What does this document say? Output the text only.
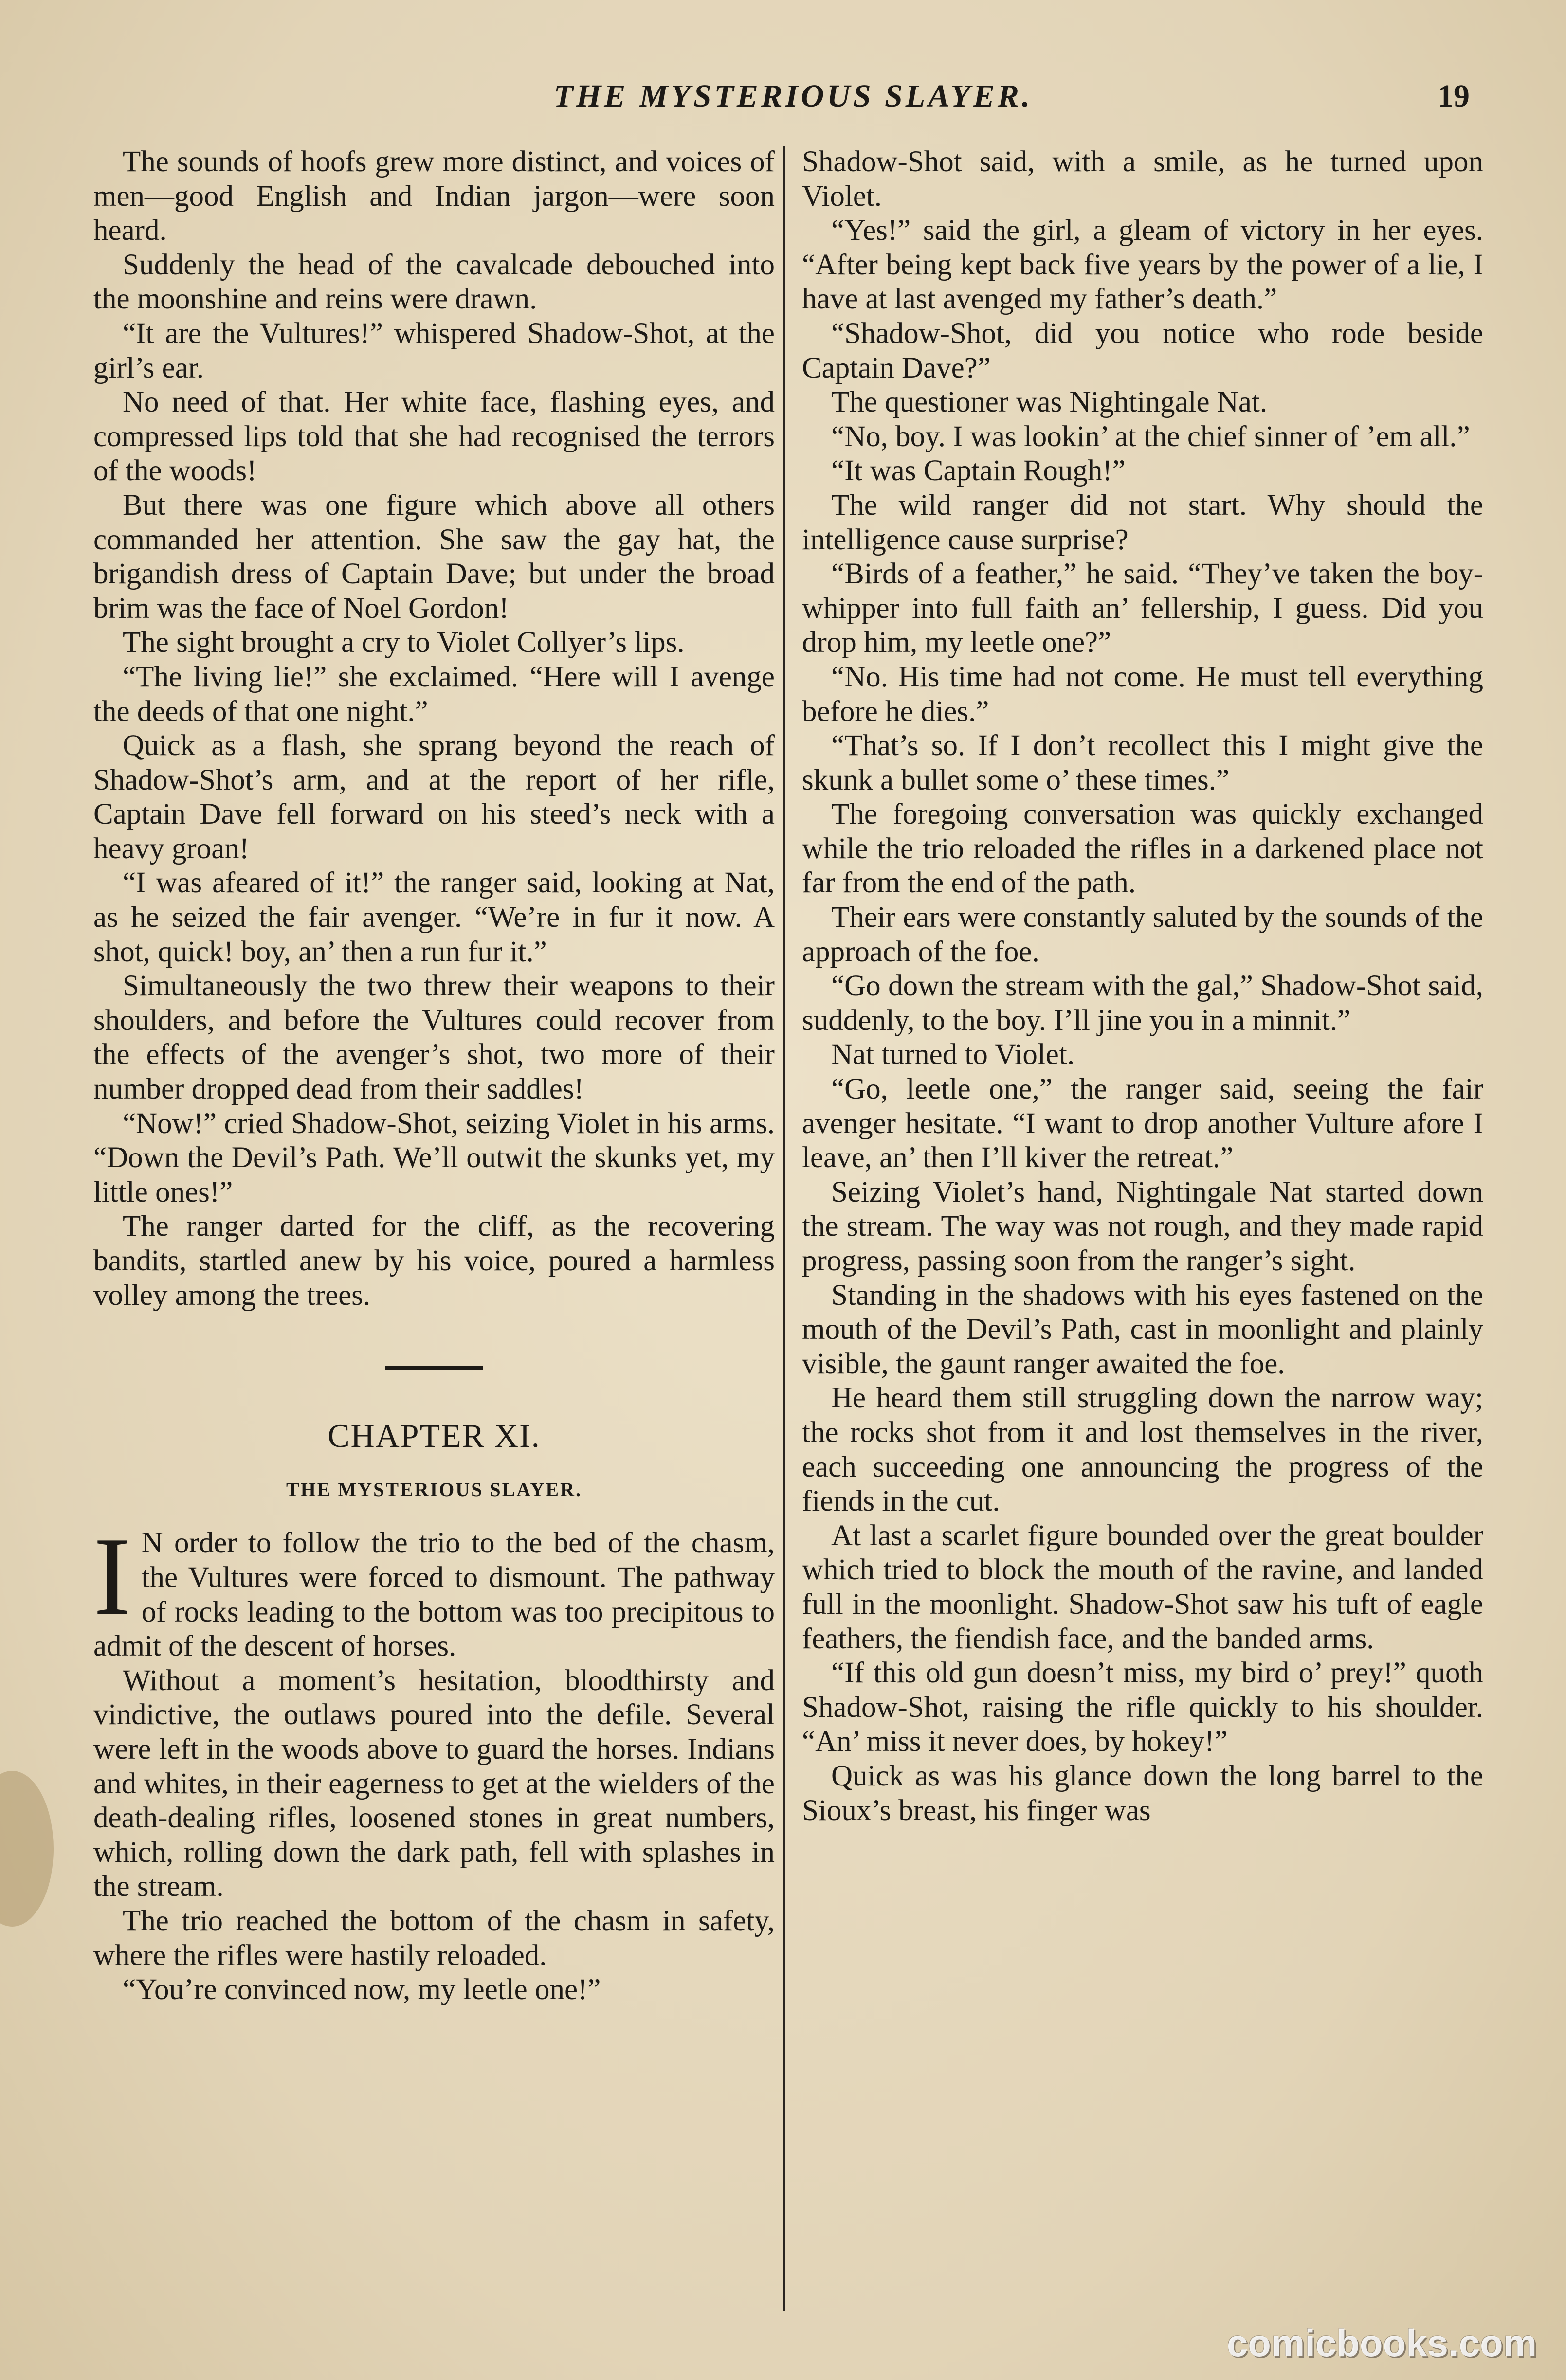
THE MYSTERIOUS SLAYER.	19

The sounds of hoofs grew more distinct, and voices of men—good English and Indian jargon—were soon heard.

Suddenly the head of the cavalcade debouched into the moonshine and reins were drawn.

“It are the Vultures!” whispered Shadow-Shot, at the girl’s ear.

No need of that. Her white face, flashing eyes, and compressed lips told that she had recognised the terrors of the woods!

But there was one figure which above all others commanded her attention. She saw the gay hat, the brigandish dress of Captain Dave; but under the broad brim was the face of Noel Gordon!

The sight brought a cry to Violet Collyer’s lips.

“The living lie!” she exclaimed. “Here will I avenge the deeds of that one night.”

Quick as a flash, she sprang beyond the reach of Shadow-Shot’s arm, and at the report of her rifle, Captain Dave fell forward on his steed’s neck with a heavy groan!

“I was afeared of it!” the ranger said, looking at Nat, as he seized the fair avenger. “We’re in fur it now. A shot, quick! boy, an’ then a run fur it.”

Simultaneously the two threw their weapons to their shoulders, and before the Vultures could recover from the effects of the avenger’s shot, two more of their number dropped dead from their saddles!

“Now!” cried Shadow-Shot, seizing Violet in his arms. “Down the Devil’s Path. We’ll outwit the skunks yet, my little ones!”

The ranger darted for the cliff, as the recovering bandits, startled anew by his voice, poured a harmless volley among the trees.

CHAPTER XI.
THE MYSTERIOUS SLAYER.

I N order to follow the trio to the bed of the chasm, the Vultures were forced to dismount. The pathway of rocks leading to the bottom was too precipitous to admit of the descent of horses.

Without a moment’s hesitation, bloodthirsty and vindictive, the outlaws poured into the defile. Several were left in the woods above to guard the horses. Indians and whites, in their eagerness to get at the wielders of the death-dealing rifles, loosened stones in great numbers, which, rolling down the dark path, fell with splashes in the stream.

The trio reached the bottom of the chasm in safety, where the rifles were hastily reloaded.

“You’re convinced now, my leetle one!”

Shadow-Shot said, with a smile, as he turned upon Violet.

“Yes!” said the girl, a gleam of victory in her eyes. “After being kept back five years by the power of a lie, I have at last avenged my father’s death.”

“Shadow-Shot, did you notice who rode beside Captain Dave?”

The questioner was Nightingale Nat.

“No, boy. I was lookin’ at the chief sinner of ’em all.”

“It was Captain Rough!”

The wild ranger did not start. Why should the intelligence cause surprise?

“Birds of a feather,” he said. “They’ve taken the boy-whipper into full faith an’ fellership, I guess. Did you drop him, my leetle one?”

“No. His time had not come. He must tell everything before he dies.”

“That’s so. If I don’t recollect this I might give the skunk a bullet some o’ these times.”

The foregoing conversation was quickly exchanged while the trio reloaded the rifles in a darkened place not far from the end of the path.

Their ears were constantly saluted by the sounds of the approach of the foe.

“Go down the stream with the gal,” Shadow-Shot said, suddenly, to the boy. I’ll jine you in a minnit.”

Nat turned to Violet.

“Go, leetle one,” the ranger said, seeing the fair avenger hesitate. “I want to drop another Vulture afore I leave, an’ then I’ll kiver the retreat.”

Seizing Violet’s hand, Nightingale Nat started down the stream. The way was not rough, and they made rapid progress, passing soon from the ranger’s sight.

Standing in the shadows with his eyes fastened on the mouth of the Devil’s Path, cast in moonlight and plainly visible, the gaunt ranger awaited the foe.

He heard them still struggling down the narrow way; the rocks shot from it and lost themselves in the river, each succeeding one announcing the progress of the fiends in the cut.

At last a scarlet figure bounded over the great boulder which tried to block the mouth of the ravine, and landed full in the moonlight. Shadow-Shot saw his tuft of eagle feathers, the fiendish face, and the banded arms.

“If this old gun doesn’t miss, my bird o’ prey!” quoth Shadow-Shot, raising the rifle quickly to his shoulder. “An’ miss it never does, by hokey!”

Quick as was his glance down the long barrel to the Sioux’s breast, his finger was

comicbooks.com
